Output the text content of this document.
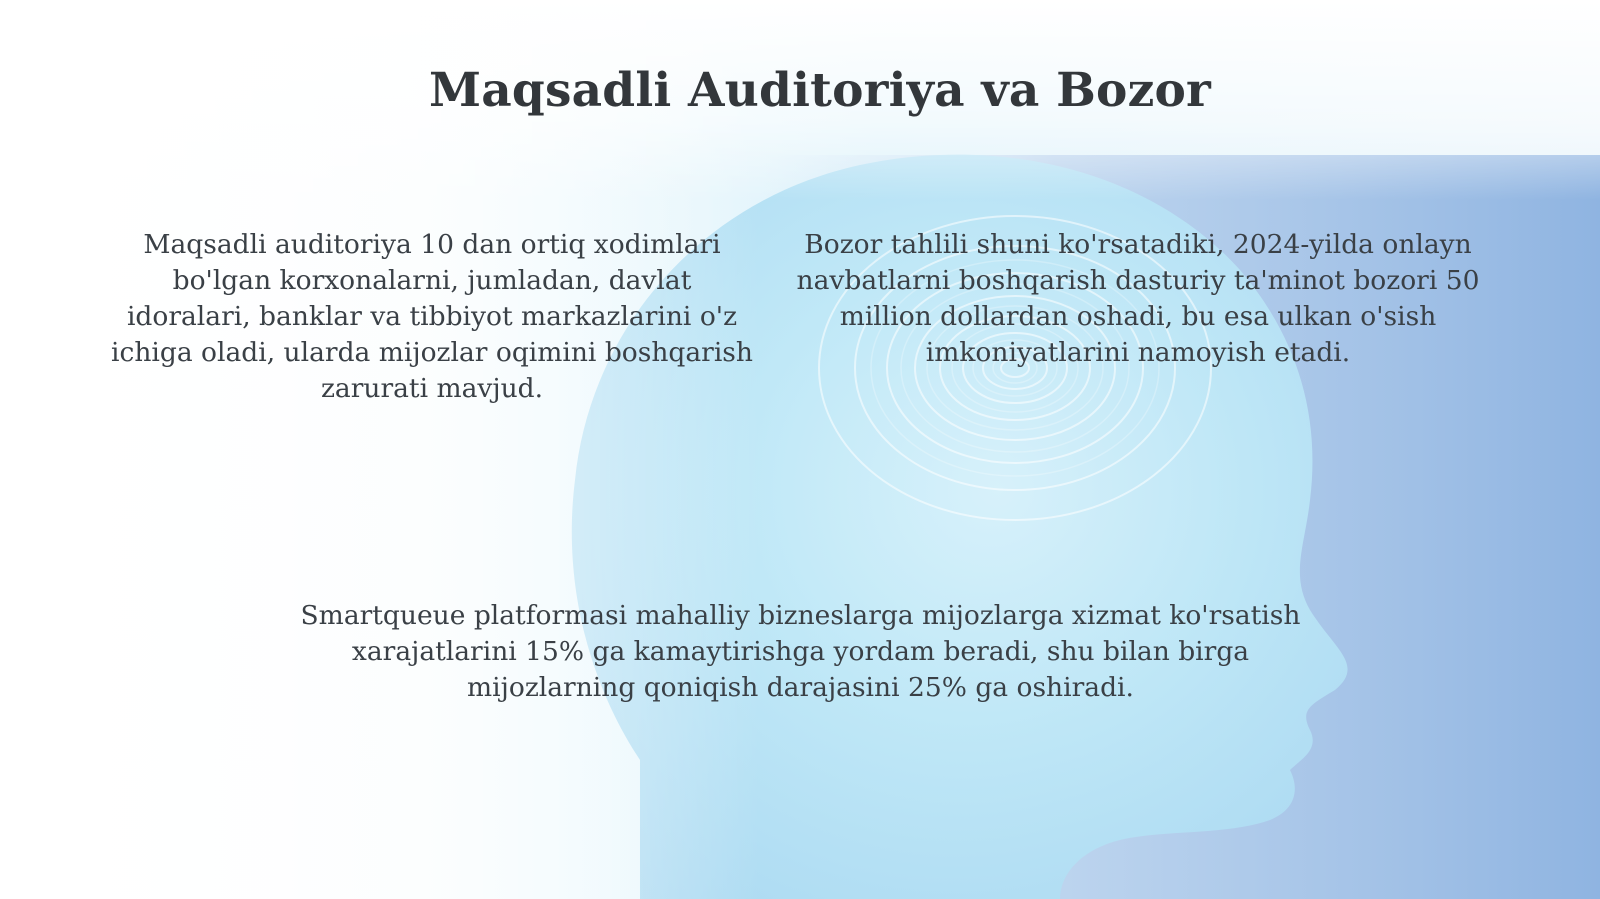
Maqsadli Auditoriya va Bozor

Maqsadli auditoriya 10 dan ortiq xodimlari bo'lgan korxonalarni, jumladan, davlat idoralari, banklar va tibbiyot markazlarini o'z ichiga oladi, ularda mijozlar oqimini boshqarish zarurati mavjud.

Bozor tahlili shuni ko'rsatadiki, 2024-yilda onlayn navbatlarni boshqarish dasturiy ta'minot bozori 50 million dollardan oshadi, bu esa ulkan o'sish imkoniyatlarini namoyish etadi.

Smartqueue platformasi mahalliy bizneslarga mijozlarga xizmat ko'rsatish xarajatlarini 15% ga kamaytirishga yordam beradi, shu bilan birga mijozlarning qoniqish darajasini 25% ga oshiradi.
